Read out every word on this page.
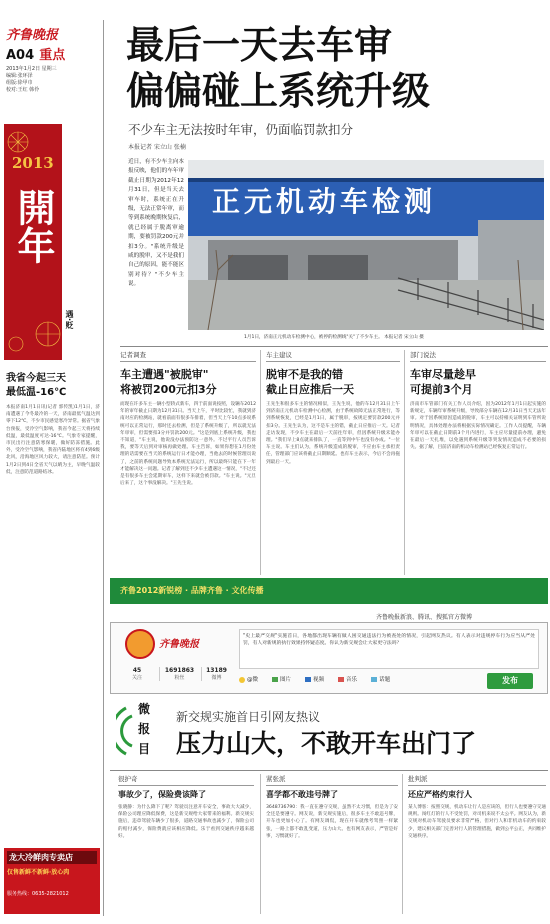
齐鲁晚报
A04 重点
2013年1月2日 星期三
编辑:张环泽
组版:徐甲巾
校对:王红 韩伶
2013
開年
遇·贬
我省今起三天
最低温-16℃
本报济南1月1日讯(记者 郭传凯)1月1日，济南遭遇了今冬最冷的一天，济南最低气温达到零下12℃，不少市民感觉寒冷异常。据省气象台预报，受冷空气影响，我省今起三天将持续低温，最低温度可达-16℃。气象专家提醒，市民出行注意防寒保暖，做好防冻措施。此外，受冷空气影响，我省内陆地区将有4到6级北风，沿海地区风力较大，请注意防范。预计1月2日到4日全省天气以晴为主，早晚气温较低，注意防范道路结冰。
龙大冷鲜肉专卖店
仅售新鲜不新鲜·放心肉
服务热线：0635-2821012
最后一天去车审
偏偏碰上系统升级
不少车主无法按时年审，仍面临罚款扣分
本报记者 宋立山 张楠
近日，有不少车主向本报反映，他们的车年审截止日期为2012年12月31日，但是当天去审车时，系统正在升级，无法正常年审，而等到系统晚期恢复后，就已经属于脱离审逾期，要被罚款200元并扣3分。"系统升级是咸的脱审，又不是我们自己的原因，能不能区别对待？"不少车主说。
正元机动车检测
1月1日，济南正元机动车检测中心，被停的检测线"关"了不少车主。 本报记者 宋立山 摄
记者调查
车主遭遇"被脱审"
将被罚200元扣3分
而现在许多车主一辆小型轿式新车，四于前面说按照，设辆车2012年的审年截止日期为12月31日。当天上午，平时比较忙，我就到济南对应的检测站，就看前面有很多车排着，但当天上午10点多说系统可以正常运行，那时还去检测，但是了系统升级了，所以就无法年审审，但需要扣3分并罚款200元。"这是到底上系统升级，我也不知道，"车主说，他说没办法预防这一意外。不过平行人员告诉我，要等天后到对审核再做处理。车主告诉，如果你想在1月份处理的话需要在当天的系统运行日才能办理，当他去的时候管理员说了，之前的系统问题导致本系统无法运行，所以最终只能在下一年才能解决这一问题。记者了解到还不少车主遭遇这一情况，"不过还是有很多车主会延期审车，这样下来就会被罚款。"车主说。"元旦后来了，这个事没解决。"王先生说。
车主建议
脱审不是我的错
截止日应推后一天
王先生和很多车主的情况相似，王先生说，他的车12月31日上午到济南正元机动车检测中心检测，由于系统故障无法正常进行，等到系统恢复，已经是1月1日，属于脱审，按规定要罚款200元并扣3分。王先生认为，这不是车主的错，截止日应推后一天。记者走访发现，不少车主在最后一天前往年审，但因系统升级未能办理。"我们早上8点就来排队了，一直等到中午也没有办成。"一位车主说。车主们认为，系统升级造成的脱审，不应由车主承担责任，管理部门应该将截止日期顺延。也有车主表示，今后不会再拖到最后一天。
部门说法
车审尽量趁早
可提前3个月
济南市车管部门有关工作人员介绍，因为2012年1月1日起实施的新规定，车辆年审系统升级，导致部分车辆在12月31日当天无法年审。对于因系统原因造成的脱审，车主可以持相关证明到车管所说明情况，具体处理办法将根据实际情况确定。工作人员提醒，车辆年审可以在截止日期前3个月内进行，车主应尽量提前办理，避免在最后一天扎堆，以免遇到系统升级等突发情况造成不必要的损失。据了解，目前济南的机动车检测站已经恢复正常运行。
齐鲁2012新锐榜 · 品牌齐鲁 · 文化传播
齐鲁晚报新浪、腾讯、搜狐官方微博
齐鲁晚报
45
关注
1691863
粉丝
13189
微博
"史上最严交规"实施首日，各地都出现车辆有做人困交通违法行为被查处的情况，引起网友热议。有人表示对违规停车行为应当从严处罚，有人对新规的执行效果持怀疑态度。你认为新交规会让大家更守法吗？
@微	图片	视频	音乐	话题	发布
微
报
目
新交规实施首日引网友热议
压力山大，不敢开车出门了
很护奇
事故少了，保险费该降了
张晓静：为什么降下了呢？驾驶员注意开车安全，事故大大减少，保险公司理应降低保费，这是新交规给大家带来的福利。新交规实施后，违章驾驶车辆少了很多，道路交通事故也减少了，保险公司的赔付减少，保险费就应该相应降低。乐于看到交通秩序越来越好。
紧张派
喜学都不敢违号牌了
3648736790：我一直在遵守交规，虽然不太习惯，但是为了安全还是要遵守。网友说，新交规实施后，很多车主不敢违号牌，开车也更加小心了。有网友调侃，现在开车就像考驾照一样紧张，一路上都不敢乱变道，压力山大。也有网友表示，严管是好事，习惯就好了。
批判派
还应严格约束行人
某人博客：按照交规，机动车让行人是应该的，但行人也要遵守交通规则。闯红灯的行人不受处罚，对司机来说不太公平。网友认为，新交规对机动车驾驶员要求非常严格，但对行人和非机动车的约束较少，建议相关部门完善对行人的管理措施，做到公平公正，共同维护交通秩序。
